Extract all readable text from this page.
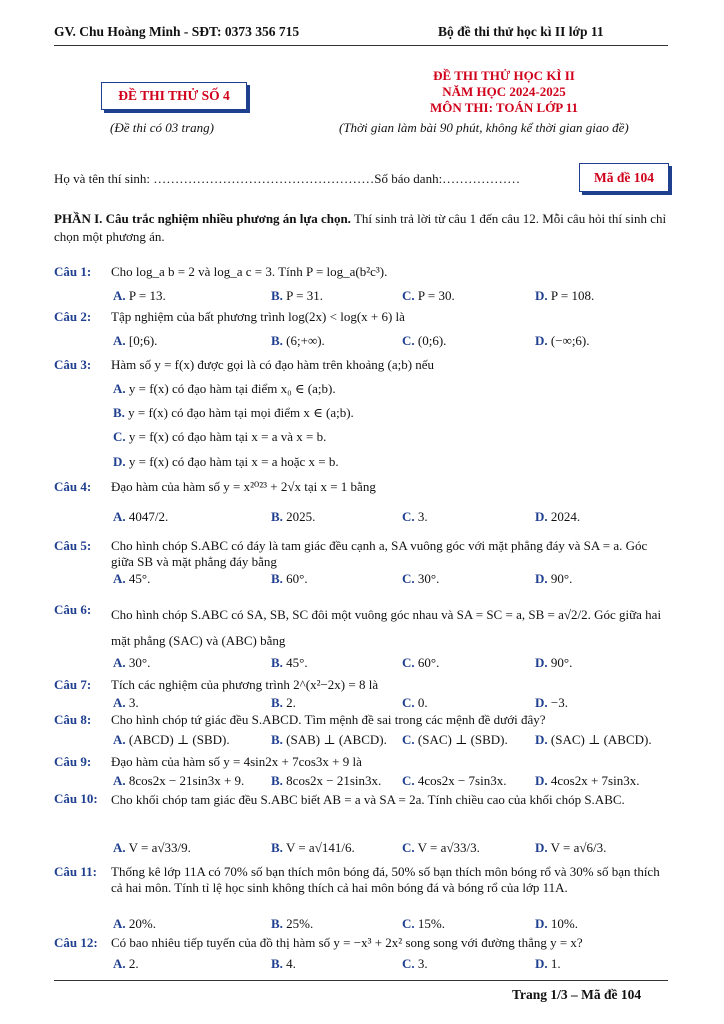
GV. Chu Hoàng Minh - SĐT: 0373 356 715	Bộ đề thi thử học kì II lớp 11
ĐỀ THI THỬ SỐ 4
(Đề thi có 03 trang)
ĐỀ THI THỬ HỌC KÌ II
NĂM HỌC 2024-2025
MÔN THI: TOÁN LỚP 11
(Thời gian làm bài 90 phút, không kể thời gian giao đề)
Họ và tên thí sinh: ……………………………………………Số báo danh:………………	Mã đề 104
PHẦN I. Câu trắc nghiệm nhiều phương án lựa chọn. Thí sinh trả lời từ câu 1 đến câu 12. Mỗi câu hỏi thí sinh chỉ chọn một phương án.
Câu 1: Cho log_a b = 2 và log_a c = 3. Tính P = log_a(b²c³).
A. P = 13.	B. P = 31.	C. P = 30.	D. P = 108.
Câu 2: Tập nghiệm của bất phương trình log(2x) < log(x + 6) là
A. [0;6).	B. (6;+∞).	C. (0;6).	D. (−∞;6).
Câu 3: Hàm số y = f(x) được gọi là có đạo hàm trên khoảng (a;b) nếu
A. y = f(x) có đạo hàm tại điểm x₀ ∈ (a;b).
B. y = f(x) có đạo hàm tại mọi điểm x ∈ (a;b).
C. y = f(x) có đạo hàm tại x = a và x = b.
D. y = f(x) có đạo hàm tại x = a hoặc x = b.
Câu 4: Đạo hàm của hàm số y = x²⁰²³ + 2√x tại x = 1 bằng
A. 4047/2.	B. 2025.	C. 3.	D. 2024.
Câu 5: Cho hình chóp S.ABC có đáy là tam giác đều cạnh a, SA vuông góc với mặt phẳng đáy và SA = a. Góc giữa SB và mặt phẳng đáy bằng
A. 45°.	B. 60°.	C. 30°.	D. 90°.
Câu 6: Cho hình chóp S.ABC có SA, SB, SC đôi một vuông góc nhau và SA = SC = a, SB = a√2/2. Góc giữa hai mặt phẳng (SAC) và (ABC) bằng
A. 30°.	B. 45°.	C. 60°.	D. 90°.
Câu 7: Tích các nghiệm của phương trình 2^(x²−2x) = 8 là
A. 3.	B. 2.	C. 0.	D. −3.
Câu 8: Cho hình chóp tứ giác đều S.ABCD. Tìm mệnh đề sai trong các mệnh đề dưới đây?
A. (ABCD) ⊥ (SBD).	B. (SAB) ⊥ (ABCD). C. (SAC) ⊥ (SBD). D. (SAC) ⊥ (ABCD).
Câu 9: Đạo hàm của hàm số y = 4sin2x + 7cos3x + 9 là
A. 8cos2x − 21sin3x + 9. B. 8cos2x − 21sin3x. C. 4cos2x − 7sin3x. D. 4cos2x + 7sin3x.
Câu 10: Cho khối chóp tam giác đều S.ABC biết AB = a và SA = 2a. Tính chiều cao của khối chóp S.ABC.
A. V = a√33/9.	B. V = a√141/6.	C. V = a√33/3.	D. V = a√6/3.
Câu 11: Thống kê lớp 11A có 70% số bạn thích môn bóng đá, 50% số bạn thích môn bóng rổ và 30% số bạn thích cả hai môn. Tính tỉ lệ học sinh không thích cả hai môn bóng đá và bóng rổ của lớp 11A.
A. 20%.	B. 25%.	C. 15%.	D. 10%.
Câu 12: Có bao nhiêu tiếp tuyến của đồ thị hàm số y = −x³ + 2x² song song với đường thẳng y = x?
A. 2.	B. 4.	C. 3.	D. 1.
Trang 1/3 – Mã đề 104
